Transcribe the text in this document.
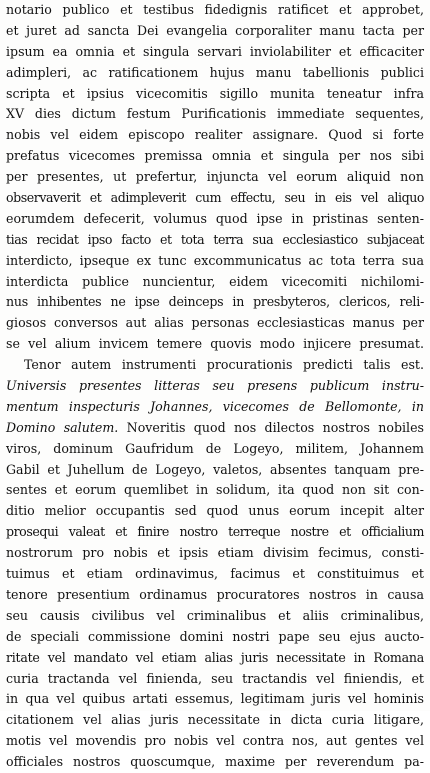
notario publico et testibus fidedignis ratificet et approbet,
et juret ad sancta Dei evangelia corporaliter manu tacta per
ipsum ea omnia et singula servari inviolabiliter et efficaciter
adimpleri, ac ratificationem hujus manu tabellionis publici
scripta et ipsius vicecomitis sigillo munita teneatur infra
XV dies dictum festum Purificationis immediate sequentes,
nobis vel eidem episcopo realiter assignare. Quod si forte
prefatus vicecomes premissa omnia et singula per nos sibi
per presentes, ut prefertur, injuncta vel eorum aliquid non
observaverit et adimpleverit cum effectu, seu in eis vel aliquo
eorumdem defecerit, volumus quod ipse in pristinas senten-
tias recidat ipso facto et tota terra sua ecclesiastico subjaceat
interdicto, ipseque ex tunc excommunicatus ac tota terra sua
interdicta publice nuncientur, eidem vicecomiti nichilomi-
nus inhibentes ne ipse deinceps in presbyteros, clericos, reli-
giosos conversos aut alias personas ecclesiasticas manus per
se vel alium invicem temere quovis modo injicere presumat.
Tenor autem instrumenti procurationis predicti talis est.
Universis presentes litteras seu presens publicum instru-
mentum inspecturis Johannes, vicecomes de Bellomonte, in
Domino salutem. Noveritis quod nos dilectos nostros nobiles
viros, dominum Gaufridum de Logeyo, militem, Johannem
Gabil et Juhellum de Logeyo, valetos, absentes tanquam pre-
sentes et eorum quemlibet in solidum, ita quod non sit con-
ditio melior occupantis sed quod unus eorum incepit alter
prosequi valeat et finire nostro terreque nostre et officialium
nostrorum pro nobis et ipsis etiam divisim fecimus, consti-
tuimus et etiam ordinavimus, facimus et constituimus et
tenore presentium ordinamus procuratores nostros in causa
seu causis civilibus vel criminalibus et aliis criminalibus,
de speciali commissione domini nostri pape seu ejus aucto-
ritate vel mandato vel etiam alias juris necessitate in Romana
curia tractanda vel finienda, seu tractandis vel finiendis, et
in qua vel quibus artati essemus, legitimam juris vel hominis
citationem vel alias juris necessitate in dicta curia litigare,
motis vel movendis pro nobis vel contra nos, aut gentes vel
officiales nostros quoscumque, maxime per reverendum pa-
